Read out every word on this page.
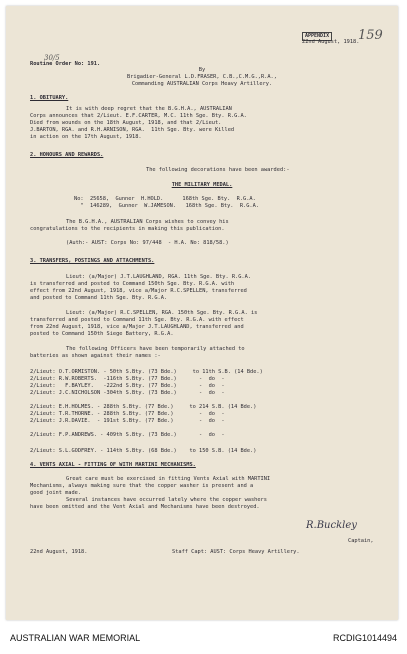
Routine Order No: 191.
APPENDIX
22nd August, 1918.
159
30/5
By
Brigadier-General L.D.FRASER, C.B.,C.M.G.,R.A.,
Commanding AUSTRALIAN Corps Heavy Artillery.
1. OBITUARY.
It is with deep regret that the B.G.H.A., AUSTRALIAN
Corps announces that 2/Lieut. E.F.CARTER, M.C. 11th Sge. Bty. R.G.A.
Died from wounds on the 18th August, 1918, and that 2/Lieut.
J.BARTON, RGA. and R.H.ARNISON, RGA.  11th Sge. Bty. were Killed
in action on the 17th August, 1918.
2. HONOURS AND REWARDS.
The following decorations have been awarded:-
THE MILITARY MEDAL.
No:  25658,  Gunner  H.HOLD.      168th Sge. Bty.  R.G.A.
"  146289,  Gunner  W.JAMESON.   168th Sge. Bty.  R.G.A.
The B.G.H.A., AUSTRALIAN Corps wishes to convey his
congratulations to the recipients in making this publication.
(Auth:- AUST: Corps No: 97/448  - H.A. No: 818/58.)
3. TRANSFERS, POSTINGS AND ATTACHMENTS.
Lieut: (a/Major) J.T.LAUGHLAND, RGA. 11th Sge. Bty. R.G.A.
is transferred and posted to Command 150th Sge. Bty. R.G.A. with
effect from 22nd August, 1918, vice a/Major R.C.SPELLEN, transferred
and posted to Command 11th Sge. Bty. R.G.A.
Lieut: (a/Major) R.C.SPELLEN, RGA. 150th Sge. Bty. R.G.A. is
transferred and posted to Command 11th Sge. Bty. R.G.A. with effect
from 22nd August, 1918, vice a/Major J.T.LAUGHLAND, transferred and
posted to Command 150th Siege Battery, R.G.A.
The following Officers have been temporarily attached to
batteries as shown against their names :-
2/Lieut: O.T.ORMISTON. - 50th S.Bty. (73 Bde.)     to 11th S.B. (14 Bde.)
2/Lieut: R.W.ROBERTS.  -116th S.Bty. (77 Bde.)       -  do  -
2/Lieut:   F.BAYLEY.   -222nd S.Bty. (77 Bde.)       -  do  -
2/Lieut: J.C.NICHOLSON -304th S.Bty. (73 Bde.)       -  do  -
2/Lieut: E.H.HOLMES. - 288th S.Bty. (77 Bde.)     to 214 S.B. (14 Bde.)
2/Lieut: T.R.THORNE. - 288th S.Bty. (77 Bde.)        -  do  -
2/Lieut: J.R.DAVIE.  - 191st S.Bty. (77 Bde.)        -  do  -
2/Lieut: F.P.ANDREWS. - 409th S.Bty. (73 Bde.)       -  do  -
2/Lieut: S.L.GODFREY. - 114th S.Bty. (68 Bde.)    to 150 S.B. (14 Bde.)
4. VENTS AXIAL - FITTING OF WITH MARTINI MECHANISMS.
Great care must be exercised in fitting Vents Axial with MARTINI
Mechanisms, always making sure that the copper washer is present and a
good joint made.
Several instances have occurred lately where the copper washers
have been omitted and the Vent Axial and Mechanisms have been destroyed.
R.Buckley
Captain,
22nd August, 1918.	Staff Capt: AUST: Corps Heavy Artillery.
AUSTRALIAN WAR MEMORIAL	RCDIG1014494
